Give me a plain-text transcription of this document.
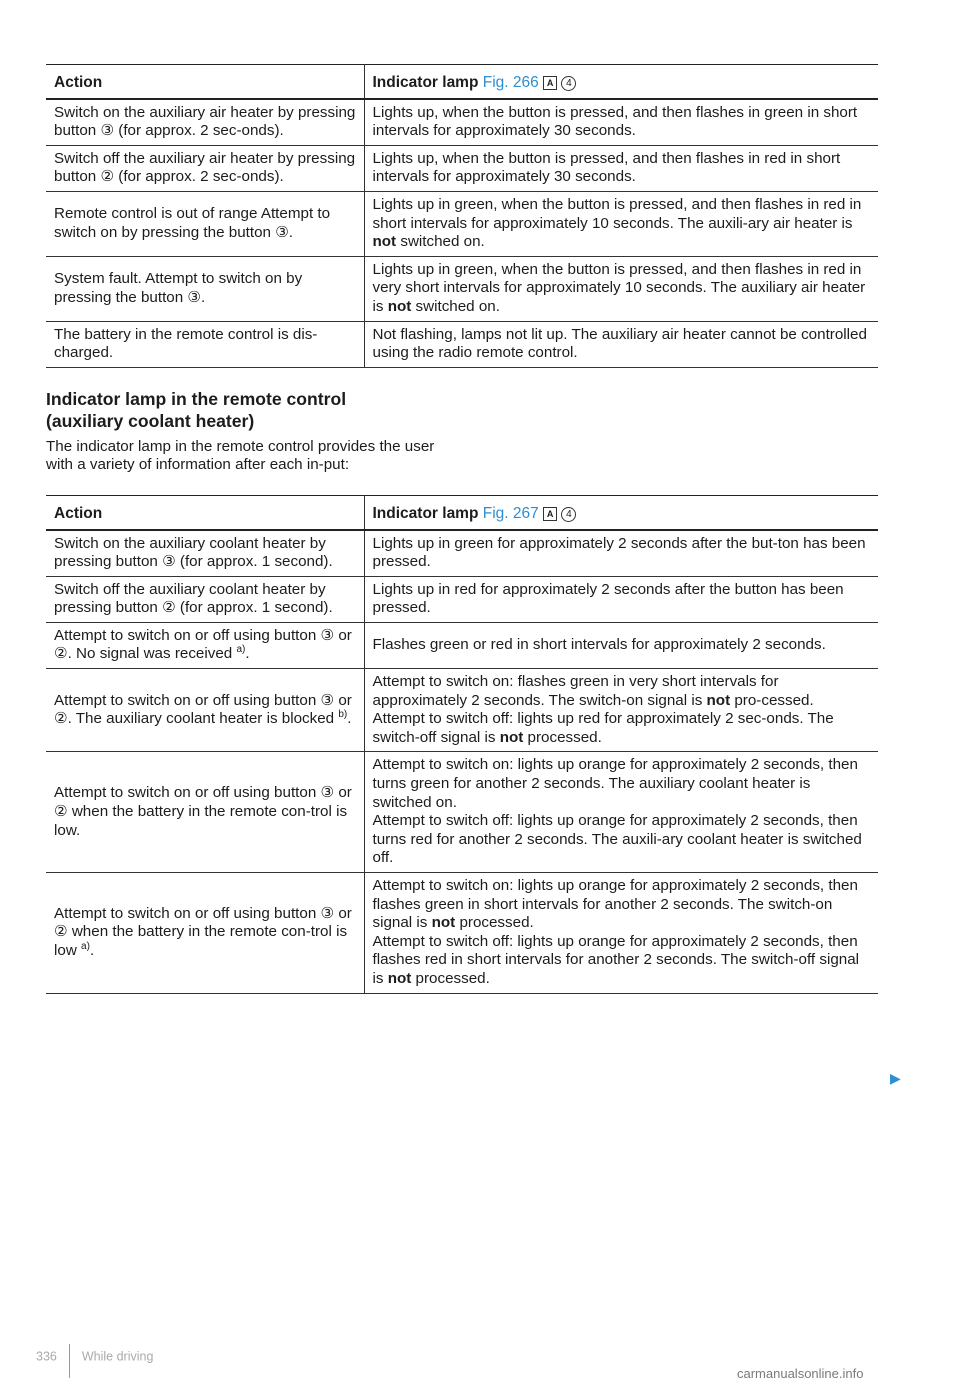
Action	Indicator lamp Fig. 266 A 4
Switch on the auxiliary air heater by pressing button ③ (for approx. 2 sec-onds).	Lights up, when the button is pressed, and then flashes in green in short intervals for approximately 30 seconds.
Switch off the auxiliary air heater by pressing button ② (for approx. 2 sec-onds).	Lights up, when the button is pressed, and then flashes in red in short intervals for approximately 30 seconds.
Remote control is out of range Attempt to switch on by pressing the button ③.	Lights up in green, when the button is pressed, and then flashes in red in short intervals for approximately 10 seconds. The auxili-ary air heater is not switched on.
System fault. Attempt to switch on by pressing the button ③.	Lights up in green, when the button is pressed, and then flashes in red in very short intervals for approximately 10 seconds. The auxiliary air heater is not switched on.
The battery in the remote control is dis-charged.	Not flashing, lamps not lit up. The auxiliary air heater cannot be controlled using the radio remote control.
Indicator lamp in the remote control
(auxiliary coolant heater)

The indicator lamp in the remote control provides the user with a variety of information after each in-put:

Action	Indicator lamp Fig. 267 A 4
Switch on the auxiliary coolant heater by pressing button ③ (for approx. 1 second).	Lights up in green for approximately 2 seconds after the but-ton has been pressed.
Switch off the auxiliary coolant heater by pressing button ② (for approx. 1 second).	Lights up in red for approximately 2 seconds after the button has been pressed.
Attempt to switch on or off using button ③ or ②. No signal was received $^{a)}$.	Flashes green or red in short intervals for approximately 2 seconds.
Attempt to switch on or off using button ③ or ②. The auxiliary coolant heater is blocked $^{b)}$.	Attempt to switch on: flashes green in very short intervals for approximately 2 seconds. The switch-on signal is not pro-cessed.
Attempt to switch off: lights up red for approximately 2 sec-onds. The switch-off signal is not processed.

Attempt to switch on or off using button ③ or ② when the battery in the remote con-trol is low.	Attempt to switch on: lights up orange for approximately 2 seconds, then turns green for another 2 seconds. The auxiliary coolant heater is switched on.
Attempt to switch off: lights up orange for approximately 2 seconds, then turns red for another 2 seconds. The auxili-ary coolant heater is switched off.

Attempt to switch on or off using button ③ or ② when the battery in the remote con-trol is low $^{a)}$.	Attempt to switch on: lights up orange for approximately 2 seconds, then flashes green in short intervals for another 2 seconds. The switch-on signal is not processed.
Attempt to switch off: lights up orange for approximately 2 seconds, then flashes red in short intervals for another 2 seconds. The switch-off signal is not processed.
▶
336 While driving
carmanualsonline.info
